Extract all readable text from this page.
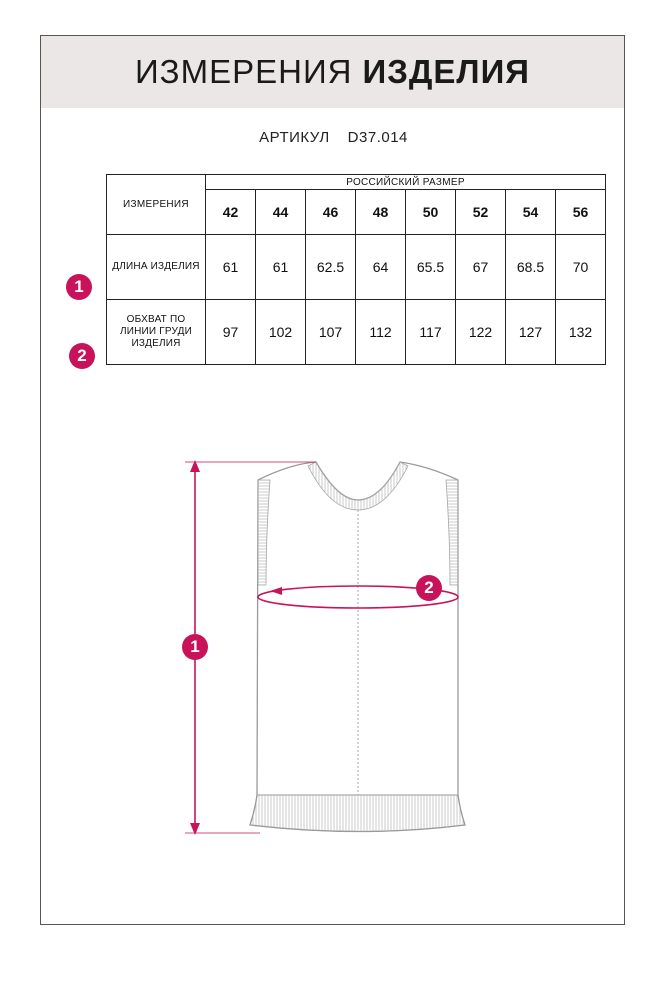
ИЗМЕРЕНИЯ ИЗДЕЛИЯ
АРТИКУЛ D37.014
1
2
ИЗМЕРЕНИЯ	РОССИЙСКИЙ РАЗМЕР							
	42	44	46	48	50	52	54	56
ДЛИНА ИЗДЕЛИЯ	61	61	62.5	64	65.5	67	68.5	70

ОБХВАТ ПО
ЛИНИИ ГРУДИ
ИЗДЕЛИЯ	97	102	107	112	117	122	127	132
1
2
